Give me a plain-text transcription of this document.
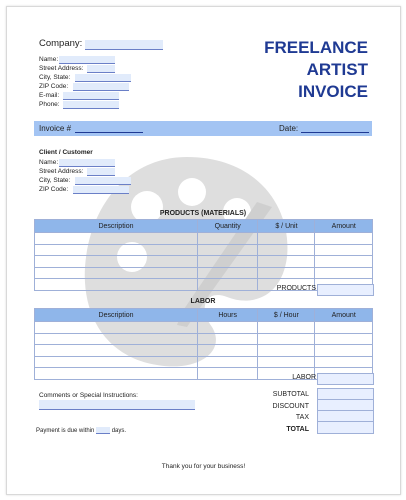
Company:	FREELANCE
ARTIST
INVOICE
Name:
Street Address:
City, State:
ZIP Code:
E-mail:
Phone:
Invoice #	Date:
Client / Customer
Name:
Street Address:
City, State:
ZIP Code:
PRODUCTS (MATERIALS)
Description	Quantity	$ / Unit	Amount

PRODUCTS
LABOR
Description	Hours	$ / Hour	Amount

LABOR
Comments or Special Instructions:
Payment is due within	days.
SUBTOTAL
DISCOUNT
TAX
TOTAL
Thank you for your business!
